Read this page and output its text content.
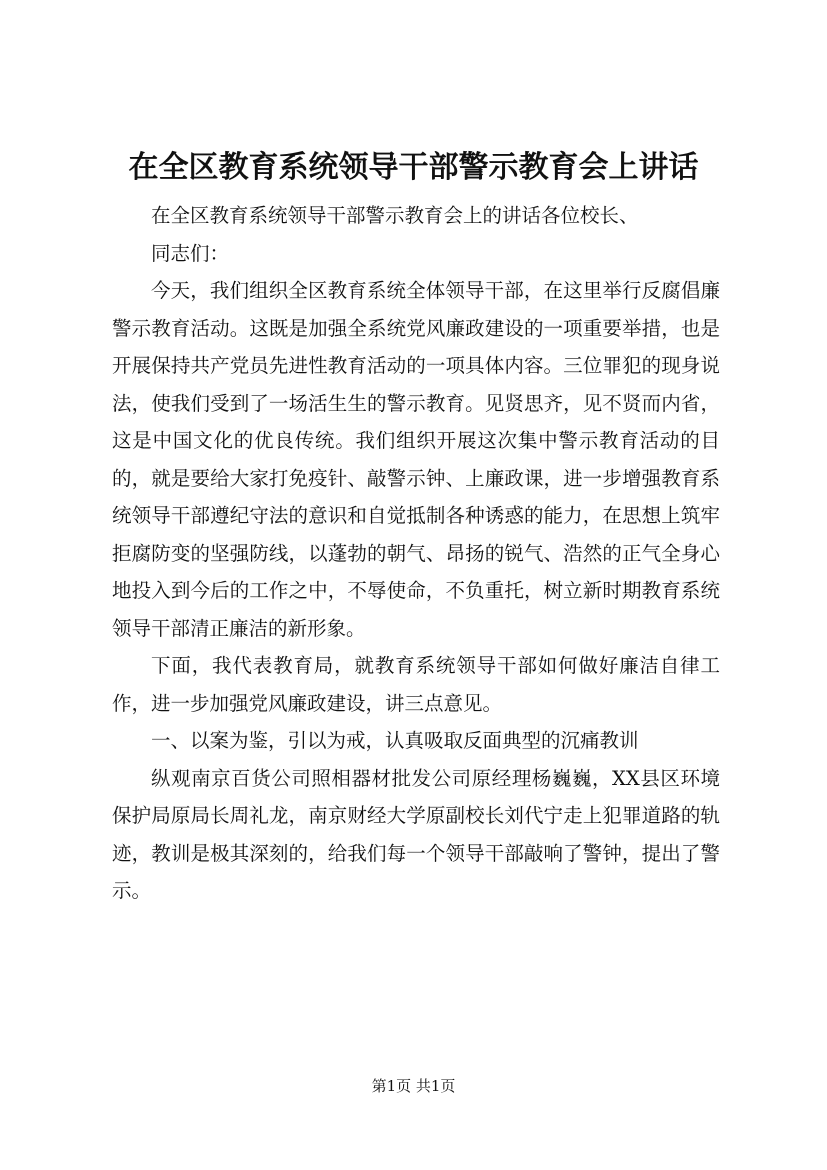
在全区教育系统领导干部警示教育会上讲话

在全区教育系统领导干部警示教育会上的讲话各位校长、

同志们：

今天，我们组织全区教育系统全体领导干部，在这里举行反腐倡廉警示教育活动。这既是加强全系统党风廉政建设的一项重要举措，也是开展保持共产党员先进性教育活动的一项具体内容。三位罪犯的现身说法，使我们受到了一场活生生的警示教育。见贤思齐，见不贤而内省，这是中国文化的优良传统。我们组织开展这次集中警示教育活动的目的，就是要给大家打免疫针、敲警示钟、上廉政课，进一步增强教育系统领导干部遵纪守法的意识和自觉抵制各种诱惑的能力，在思想上筑牢拒腐防变的坚强防线，以蓬勃的朝气、昂扬的锐气、浩然的正气全身心地投入到今后的工作之中，不辱使命，不负重托，树立新时期教育系统领导干部清正廉洁的新形象。

下面，我代表教育局，就教育系统领导干部如何做好廉洁自律工作，进一步加强党风廉政建设，讲三点意见。

一、以案为鉴，引以为戒，认真吸取反面典型的沉痛教训

纵观南京百货公司照相器材批发公司原经理杨巍巍，XX县区环境保护局原局长周礼龙，南京财经大学原副校长刘代宁走上犯罪道路的轨迹，教训是极其深刻的，给我们每一个领导干部敲响了警钟，提出了警示。

第1页 共1页
